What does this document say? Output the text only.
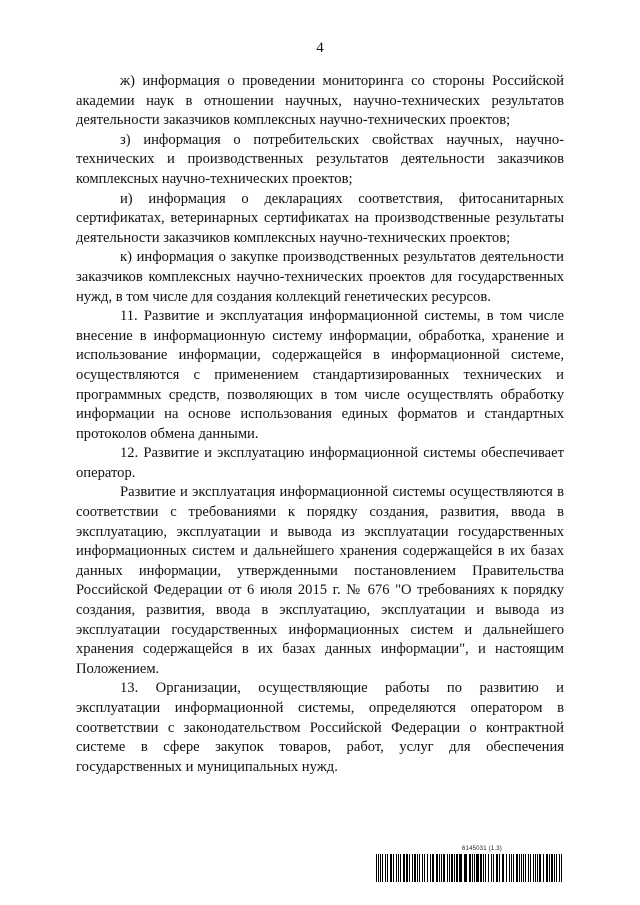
4

ж) информация о проведении мониторинга со стороны Российской академии наук в отношении научных, научно-технических результатов деятельности заказчиков комплексных научно-технических проектов;

з) информация о потребительских свойствах научных, научно-технических и производственных результатов деятельности заказчиков комплексных научно-технических проектов;

и) информация о декларациях соответствия, фитосанитарных сертификатах, ветеринарных сертификатах на производственные результаты деятельности заказчиков комплексных научно-технических проектов;

к) информация о закупке производственных результатов деятельности заказчиков комплексных научно-технических проектов для государственных нужд, в том числе для создания коллекций генетических ресурсов.

11. Развитие и эксплуатация информационной системы, в том числе внесение в информационную систему информации, обработка, хранение и использование информации, содержащейся в информационной системе, осуществляются с применением стандартизированных технических и программных средств, позволяющих в том числе осуществлять обработку информации на основе использования единых форматов и стандартных протоколов обмена данными.

12. Развитие и эксплуатацию информационной системы обеспечивает оператор.

Развитие и эксплуатация информационной системы осуществляются в соответствии с требованиями к порядку создания, развития, ввода в эксплуатацию, эксплуатации и вывода из эксплуатации государственных информационных систем и дальнейшего хранения содержащейся в их базах данных информации, утвержденными постановлением Правительства Российской Федерации от 6 июля 2015 г. № 676 "О требованиях к порядку создания, развития, ввода в эксплуатацию, эксплуатации и вывода из эксплуатации государственных информационных систем и дальнейшего хранения содержащейся в их базах данных информации", и настоящим Положением.

13. Организации, осуществляющие работы по развитию и эксплуатации информационной системы, определяются оператором в соответствии с законодательством Российской Федерации о контрактной системе в сфере закупок товаров, работ, услуг для обеспечения государственных и муниципальных нужд.

6145031 (1.3)
